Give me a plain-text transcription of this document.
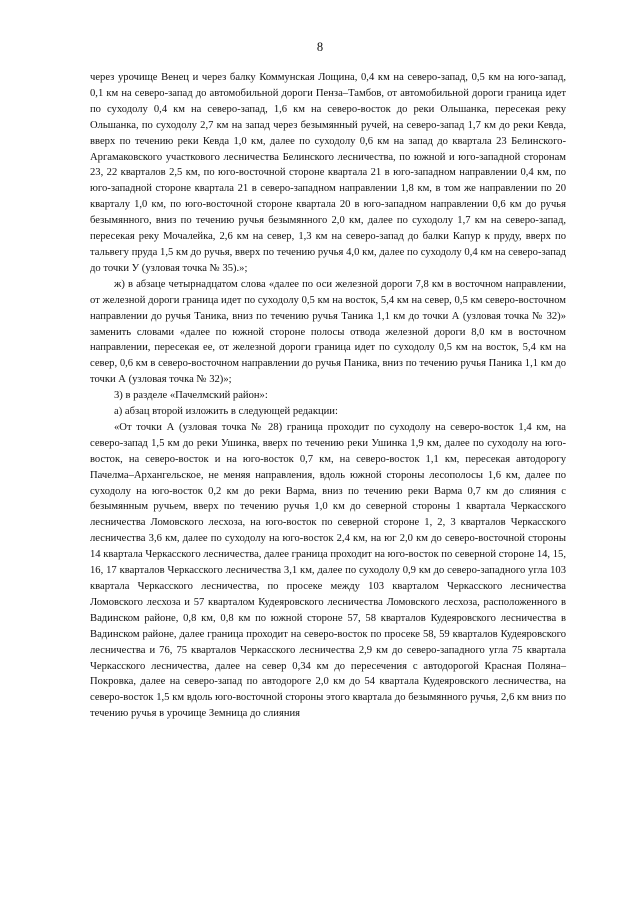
8

через урочище Венец и через балку Коммунская Лощина, 0,4 км на северо-запад, 0,5 км на юго-запад, 0,1 км на северо-запад до автомобильной дороги Пенза–Тамбов, от автомобильной дороги граница идет по суходолу 0,4 км на северо-запад, 1,6 км на северо-восток до реки Ольшанка, пересекая реку Ольшанка, по суходолу 2,7 км на запад через безымянный ручей, на северо-запад 1,7 км до реки Кевда, вверх по течению реки Кевда 1,0 км, далее по суходолу 0,6 км на запад до квартала 23 Белинского-Аргамаковского участкового лесничества Белинского лесничества, по южной и юго-западной сторонам 23, 22 кварталов 2,5 км, по юго-восточной стороне квартала 21 в юго-западном направлении 0,4 км, по юго-западной стороне квартала 21 в северо-западном направлении 1,8 км, в том же направлении по 20 кварталу 1,0 км, по юго-восточной стороне квартала 20 в юго-западном направлении 0,6 км до ручья безымянного, вниз по течению ручья безымянного 2,0 км, далее по суходолу 1,7 км на северо-запад, пересекая реку Мочалейка, 2,6 км на север, 1,3 км на северо-запад до балки Капур к пруду, вверх по тальвегу пруда 1,5 км до ручья, вверх по течению ручья 4,0 км, далее по суходолу 0,4 км на северо-запад до точки У (узловая точка № 35).»;

ж) в абзаце четырнадцатом слова «далее по оси железной дороги 7,8 км в восточном направлении, от железной дороги граница идет по суходолу 0,5 км на восток, 5,4 км на север, 0,5 км северо-восточном направлении до ручья Таника, вниз по течению ручья Таника 1,1 км до точки А (узловая точка № 32)» заменить словами «далее по южной стороне полосы отвода железной дороги 8,0 км в восточном направлении, пересекая ее, от железной дороги граница идет по суходолу 0,5 км на восток, 5,4 км на север, 0,6 км в северо-восточном направлении до ручья Паника, вниз по течению ручья Паника 1,1 км до точки А (узловая точка № 32)»;

3) в разделе «Пачелмский район»:

а) абзац второй изложить в следующей редакции:

«От точки А (узловая точка № 28) граница проходит по суходолу на северо-восток 1,4 км, на северо-запад 1,5 км до реки Ушинка, вверх по течению реки Ушинка 1,9 км, далее по суходолу на юго-восток, на северо-восток и на юго-восток 0,7 км, на северо-восток 1,1 км, пересекая автодорогу Пачелма–Архангельское, не меняя направления, вдоль южной стороны лесополосы 1,6 км, далее по суходолу на юго-восток 0,2 км до реки Варма, вниз по течению реки Варма 0,7 км до слияния с безымянным ручьем, вверх по течению ручья 1,0 км до северной стороны 1 квартала Черкасского лесничества Ломовского лесхоза, на юго-восток по северной стороне 1, 2, 3 кварталов Черкасского лесничества 3,6 км, далее по суходолу на юго-восток 2,4 км, на юг 2,0 км до северо-восточной стороны 14 квартала Черкасского лесничества, далее граница проходит на юго-восток по северной стороне 14, 15, 16, 17 кварталов Черкасского лесничества 3,1 км, далее по суходолу 0,9 км до северо-западного угла 103 квартала Черкасского лесничества, по просеке между 103 кварталом Черкасского лесничества Ломовского лесхоза и 57 кварталом Кудеяровского лесничества Ломовского лесхоза, расположенного в Вадинском районе, 0,8 км, 0,8 км по южной стороне 57, 58 кварталов Кудеяровского лесничества в Вадинском районе, далее граница проходит на северо-восток по просеке 58, 59 кварталов Кудеяровского лесничества и 76, 75 кварталов Черкасского лесничества 2,9 км до северо-западного угла 75 квартала Черкасского лесничества, далее на север 0,34 км до пересечения с автодорогой Красная Поляна–Покровка, далее на северо-запад по автодороге 2,0 км до 54 квартала Кудеяровского лесничества, на северо-восток 1,5 км вдоль юго-восточной стороны этого квартала до безымянного ручья, 2,6 км вниз по течению ручья в урочище Земница до слияния
